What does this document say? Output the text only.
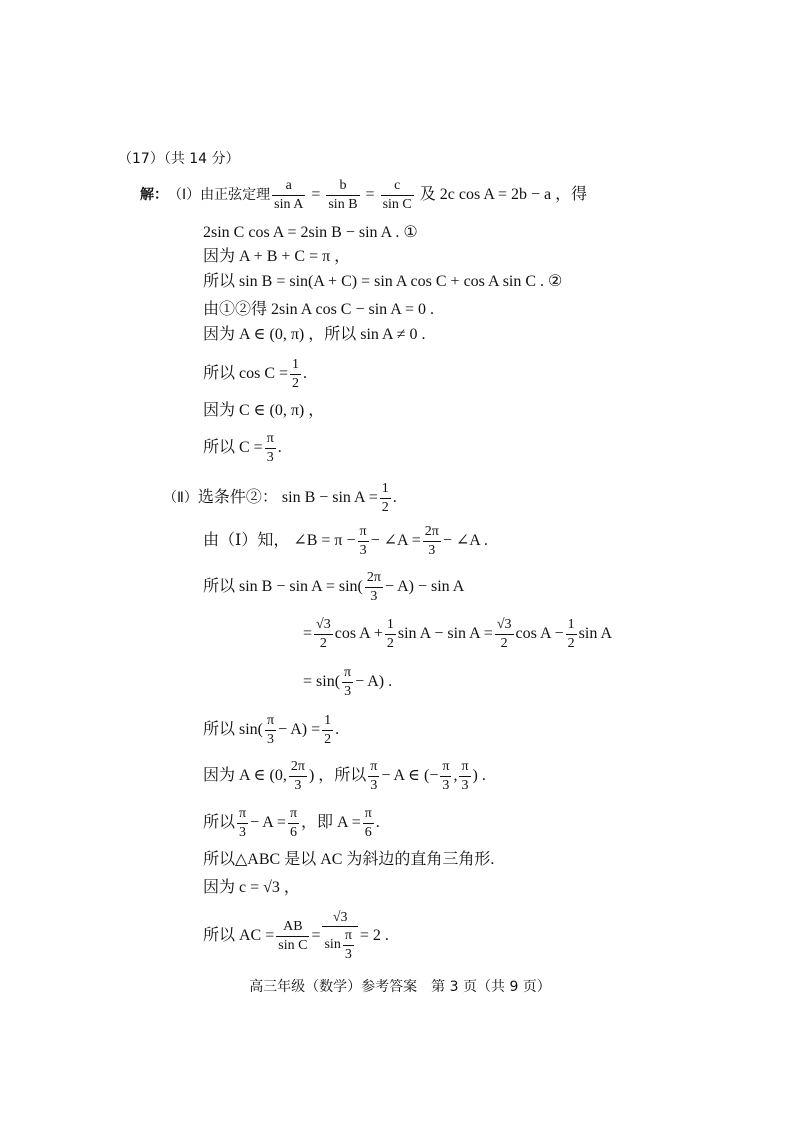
（17）（共 14 分）
解： （Ⅰ） 由正弦定理 $\frac{a}{\text{sin A}} = \frac{b}{\text{sin B}} = \frac{c}{\text{sin C}}$ 及 2c cos A = 2b − a ，得
2sin C cos A = 2sin B − sin A . ①
因为 A + B + C = π ，
所以 sin B = sin(A + C) = sin A cos C + cos A sin C . ②
由①②得 2sin A cos C − sin A = 0 .
因为 A ∈ (0, π) ，所以 sin A ≠ 0 .
所以 $\cos C = \frac{1}{2}$ .
因为 C ∈ (0, π) ，
所以 $C = \frac{\pi}{3}$ .
（Ⅱ） 选条件②： $\sin B - \sin A = \frac{1}{2}$ .
由（Ⅰ）知， ∠B = $\pi - \frac{\pi}{3}$ − ∠A = $\frac{2\pi}{3}$ − ∠A .
所以 $\sin B - \sin A = \sin( \frac{2\pi}{3} - A) - \sin A$
= $\frac{√3}{2}$ $\cos A + \frac{1}{2}$ $\sin A - \sin A = \frac{√3}{2}$ $\cos A - \frac{1}{2}$ sin A
= $\sin( \frac{\pi}{3} - A)$ .
所以 $\sin( \frac{\pi}{3} - A) = \frac{1}{2}$ .
因为 A ∈ (0, $\frac{2\pi}{3}$ ) ，所以 $\frac{\pi}{3} - A$ ∈ (− $\frac{\pi}{3}$ , $\frac{\pi}{3}$ ) .
所以 $\frac{\pi}{3} - A = \frac{\pi}{6}$ ，即 $A = \frac{\pi}{6}$ .
所以△ABC 是以 AC 为斜边的直角三角形.
因为 c = √3 ，
所以 AC = $\frac{AB}{\text{sin C}} = \frac{√3}{\sin \frac{\pi}{3}} = 2$ .
高三年级（数学）参考答案　第 3 页（共 9 页）
